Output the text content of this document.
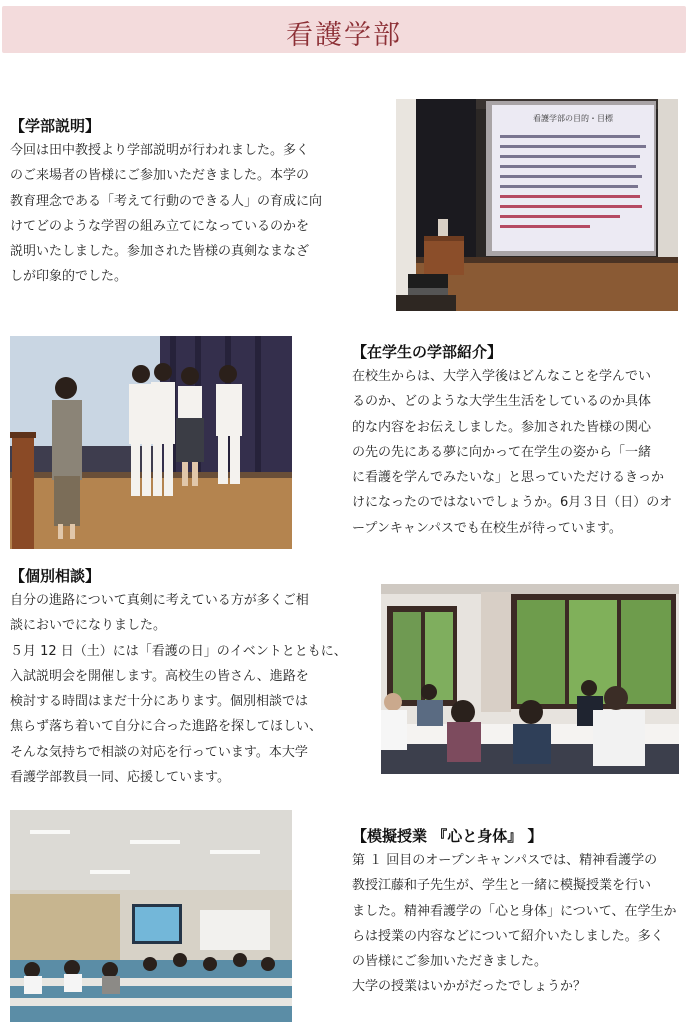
看護学部
【学部説明】

今回は田中教授より学部説明が行われました。多く

のご来場者の皆様にご参加いただきました。本学の

教育理念である「考えて行動のできる人」の育成に向

けてどのような学習の組み立てになっているのかを

説明いたしました。参加された皆様の真剣なまなざ

しが印象的でした。

看護学部の目的・目標
【在学生の学部紹介】

在校生からは、大学入学後はどんなことを学んでい

るのか、どのような大学生生活をしているのか具体

的な内容をお伝えしました。参加された皆様の関心

の先の先にある夢に向かって在学生の姿から「一緒

に看護を学んでみたいな」と思っていただけるきっか

けになったのではないでしょうか。6月３日（日）のオ

ープンキャンパスでも在校生が待っています。

【個別相談】

自分の進路について真剣に考えている方が多くご相

談においでになりました。

５月 12 日（土）には「看護の日」のイベントとともに、

入試説明会を開催します。高校生の皆さん、進路を

検討する時間はまだ十分にあります。個別相談では

焦らず落ち着いて自分に合った進路を探してほしい、

そんな気持ちで相談の対応を行っています。本大学

看護学部教員一同、応援しています。

【模擬授業 『心と身体』 】

第 １ 回目のオープンキャンパスでは、精神看護学の

教授江藤和子先生が、学生と一緒に模擬授業を行い

ました。精神看護学の「心と身体」について、在学生か

らは授業の内容などについて紹介いたしました。多く

の皆様にご参加いただきました。

大学の授業はいかがだったでしょうか？
